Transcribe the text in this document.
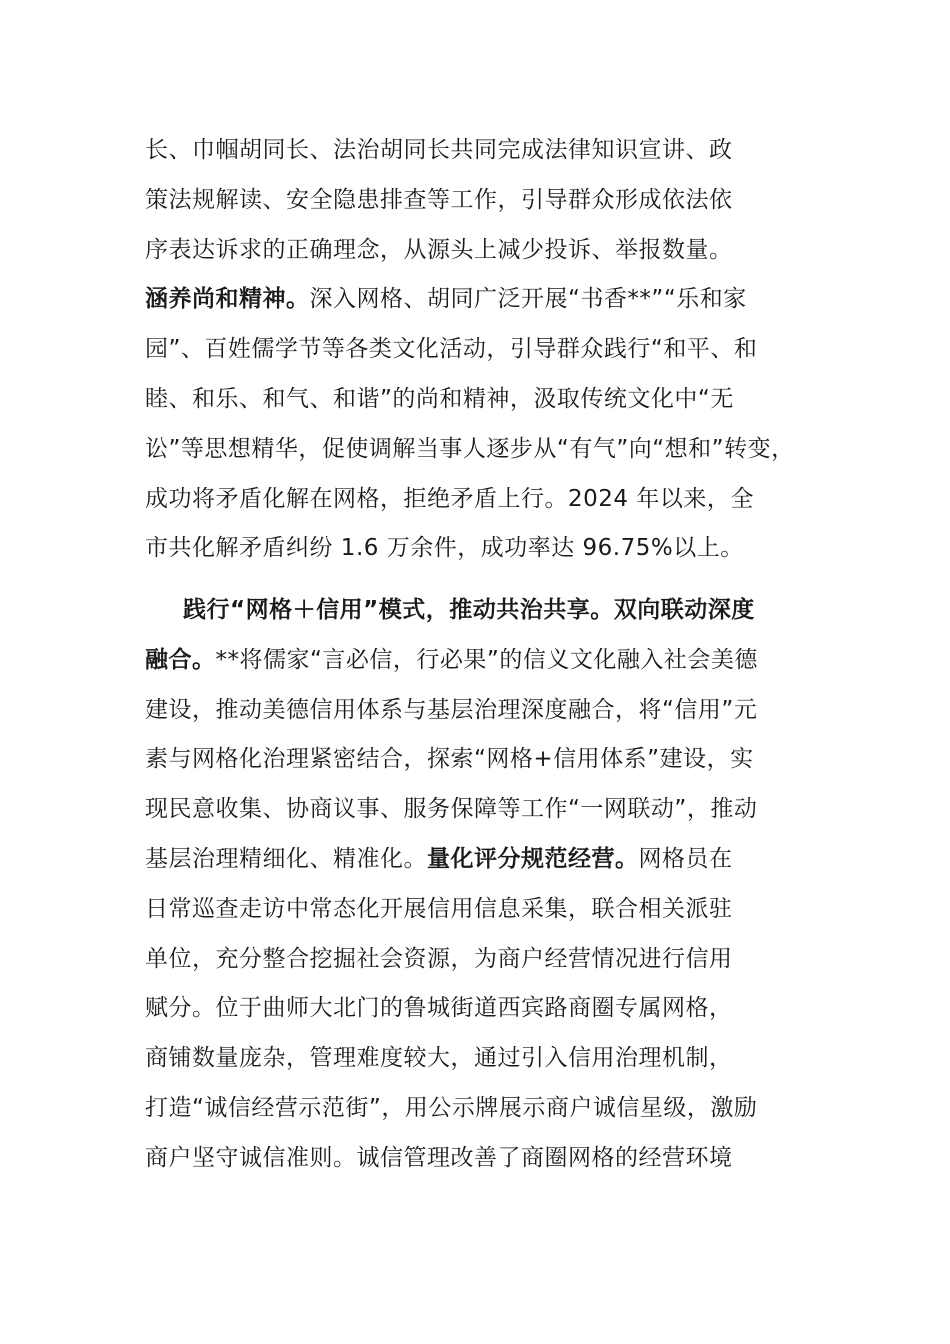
长、巾帼胡同长、法治胡同长共同完成法律知识宣讲、政
策法规解读、安全隐患排查等工作，引导群众形成依法依
序表达诉求的正确理念，从源头上减少投诉、举报数量。
涵养尚和精神。深入网格、胡同广泛开展“书香**”“乐和家
园”、百姓儒学节等各类文化活动，引导群众践行“和平、和
睦、和乐、和气、和谐”的尚和精神，汲取传统文化中“无
讼”等思想精华，促使调解当事人逐步从“有气”向“想和”转变，
成功将矛盾化解在网格，拒绝矛盾上行。2024 年以来，全
市共化解矛盾纠纷 1.6 万余件，成功率达 96.75%以上。
践行“网格＋信用”模式，推动共治共享。双向联动深度
融合。**将儒家“言必信，行必果”的信义文化融入社会美德
建设，推动美德信用体系与基层治理深度融合，将“信用”元
素与网格化治理紧密结合，探索“网格+信用体系”建设，实
现民意收集、协商议事、服务保障等工作“一网联动”，推动
基层治理精细化、精准化。量化评分规范经营。网格员在
日常巡查走访中常态化开展信用信息采集，联合相关派驻
单位，充分整合挖掘社会资源，为商户经营情况进行信用
赋分。位于曲师大北门的鲁城街道西宾路商圈专属网格，
商铺数量庞杂，管理难度较大，通过引入信用治理机制，
打造“诚信经营示范街”，用公示牌展示商户诚信星级，激励
商户坚守诚信准则。诚信管理改善了商圈网格的经营环境
